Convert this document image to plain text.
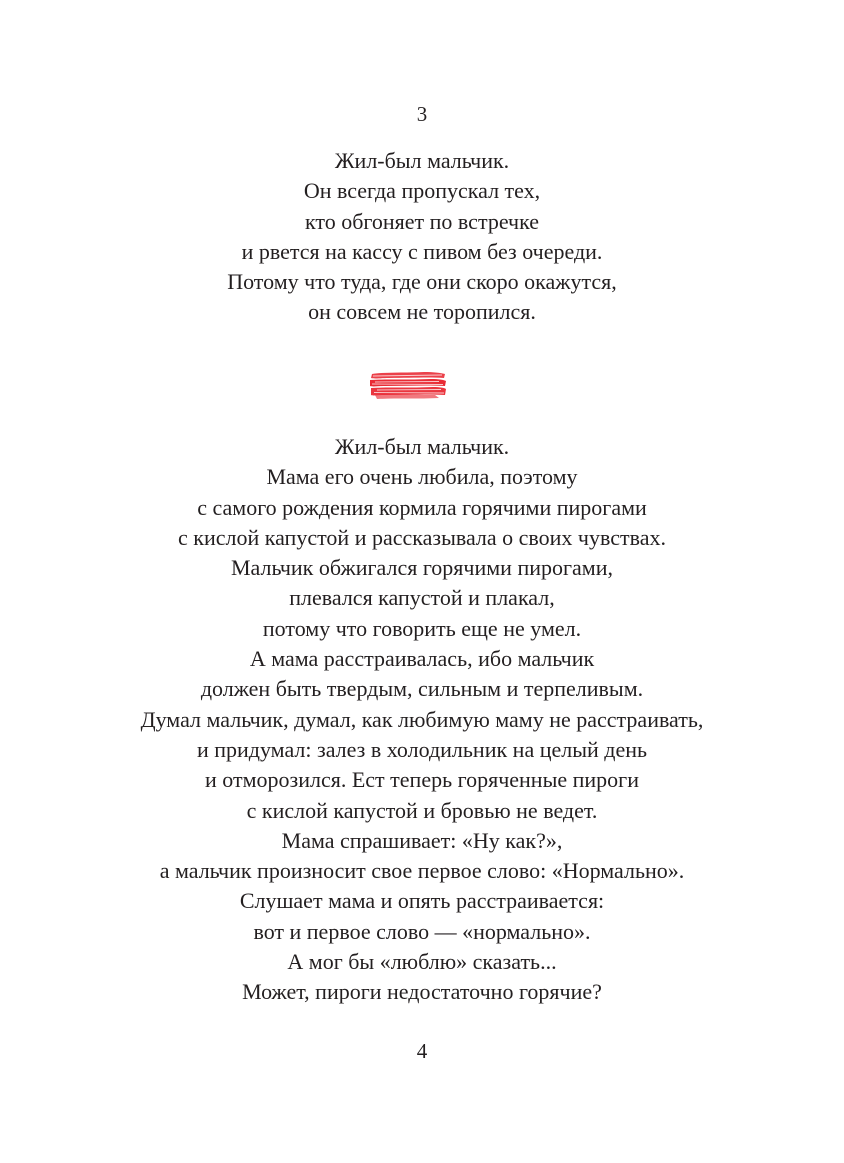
3
Жил-был мальчик.
Он всегда пропускал тех,
кто обгоняет по встречке
и рвется на кассу с пивом без очереди.
Потому что туда, где они скоро окажутся,
он совсем не торопился.
Жил-был мальчик.
Мама его очень любила, поэтому
с самого рождения кормила горячими пирогами
с кислой капустой и рассказывала о своих чувствах.
Мальчик обжигался горячими пирогами,
плевался капустой и плакал,
потому что говорить еще не умел.
А мама расстраивалась, ибо мальчик
должен быть твердым, сильным и терпеливым.
Думал мальчик, думал, как любимую маму не расстраивать,
и придумал: залез в холодильник на целый день
и отморозился. Ест теперь горяченные пироги
с кислой капустой и бровью не ведет.
Мама спрашивает: «Ну как?»,
а мальчик произносит свое первое слово: «Нормально».
Слушает мама и опять расстраивается:
вот и первое слово — «нормально».
А мог бы «люблю» сказать...
Может, пироги недостаточно горячие?
4
